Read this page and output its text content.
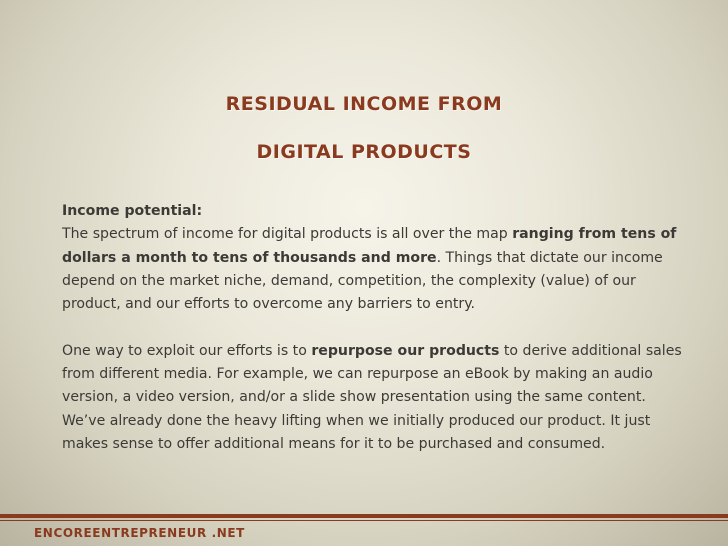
RESIDUAL INCOME FROM
DIGITAL PRODUCTS

Income potential:

The spectrum of income for digital products is all over the map ranging from tens of dollars a month to tens of thousands and more. Things that dictate our income depend on the market niche, demand, competition, the complexity (value) of our product, and our efforts to overcome any barriers to entry.

One way to exploit our efforts is to repurpose our products to derive additional sales from different media. For example, we can repurpose an eBook by making an audio version, a video version, and/or a slide show presentation using the same content. We’ve already done the heavy lifting when we initially produced our product. It just makes sense to offer additional means for it to be purchased and consumed.

ENCOREENTREPRENEUR .NET
